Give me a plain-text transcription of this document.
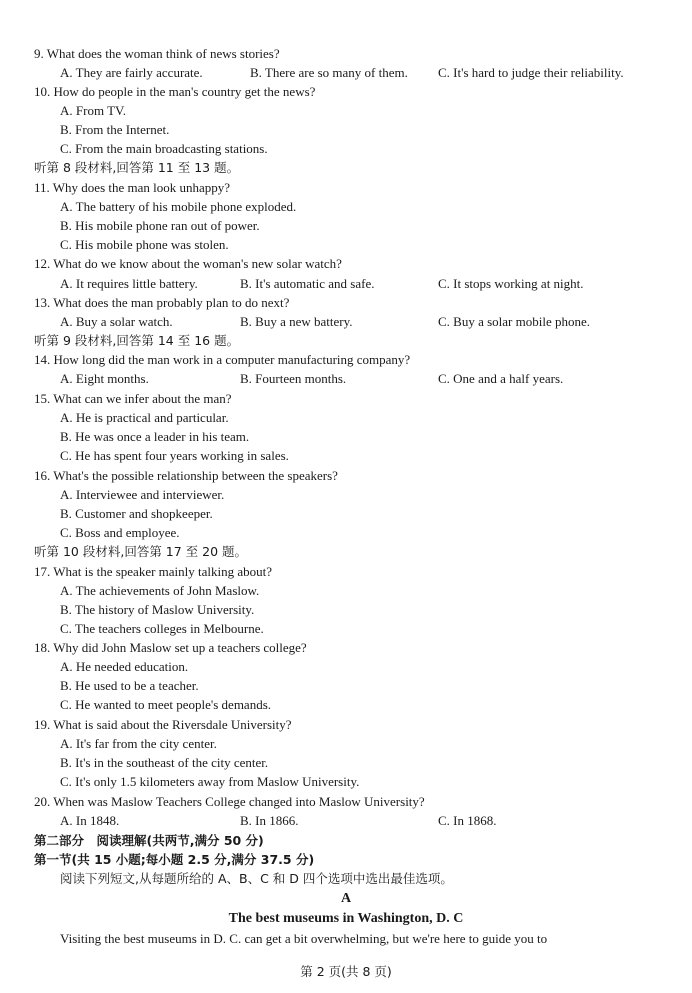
9. What does the woman think of news stories?
A. They are fairly accurate.	B. There are so many of them. C. It's hard to judge their reliability.
10. How do people in the man's country get the news?
A. From TV.
B. From the Internet.
C. From the main broadcasting stations.
听第 8 段材料,回答第 11 至 13 题。
11. Why does the man look unhappy?
A. The battery of his mobile phone exploded.
B. His mobile phone ran out of power.
C. His mobile phone was stolen.
12. What do we know about the woman's new solar watch?
A. It requires little battery.	B. It's automatic and safe.	C. It stops working at night.
13. What does the man probably plan to do next?
A. Buy a solar watch.	B. Buy a new battery.	C. Buy a solar mobile phone.
听第 9 段材料,回答第 14 至 16 题。
14. How long did the man work in a computer manufacturing company?
A. Eight months.	B. Fourteen months.	C. One and a half years.
15. What can we infer about the man?
A. He is practical and particular.
B. He was once a leader in his team.
C. He has spent four years working in sales.
16. What's the possible relationship between the speakers?
A. Interviewee and interviewer.
B. Customer and shopkeeper.
C. Boss and employee.
听第 10 段材料,回答第 17 至 20 题。
17. What is the speaker mainly talking about?
A. The achievements of John Maslow.
B. The history of Maslow University.
C. The teachers colleges in Melbourne.
18. Why did John Maslow set up a teachers college?
A. He needed education.
B. He used to be a teacher.
C. He wanted to meet people's demands.
19. What is said about the Riversdale University?
A. It's far from the city center.
B. It's in the southeast of the city center.
C. It's only 1.5 kilometers away from Maslow University.
20. When was Maslow Teachers College changed into Maslow University?
A. In 1848.	B. In 1866.	C. In 1868.
第二部分　阅读理解(共两节,满分 50 分)
第一节(共 15 小题;每小题 2.5 分,满分 37.5 分)
阅读下列短文,从每题所给的 A、B、C 和 D 四个选项中选出最佳选项。
A
The best museums in Washington, D. C
Visiting the best museums in D. C. can get a bit overwhelming, but we're here to guide you to
第 2 页(共 8 页)
